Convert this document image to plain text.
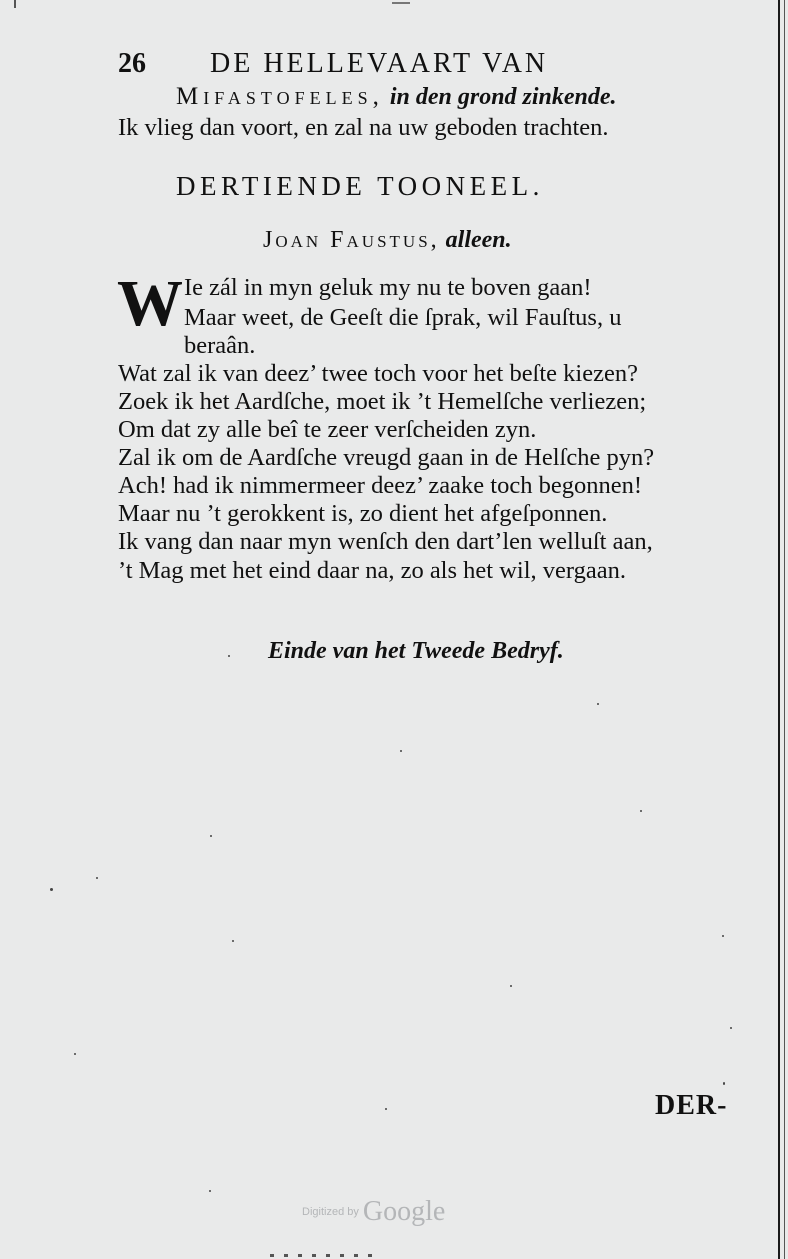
26 DE HELLEVAART VAN
Mifastofeles, in den grond zinkende.
Ik vlieg dan voort, en zal na uw geboden trachten.
DERTIENDE TOONEEL.
Joan Faustus, alleen.
W Ie zál in myn geluk my nu te boven gaan!
Maar weet, de Geeſt die ſprak, wil Fauſtus, u
beraân.
Wat zal ik van deez’ twee toch voor het beſte kiezen?
Zoek ik het Aardſche, moet ik ’t Hemelſche verliezen;
Om dat zy alle beî te zeer verſcheiden zyn.
Zal ik om de Aardſche vreugd gaan in de Helſche pyn?
Ach! had ik nimmermeer deez’ zaake toch begonnen!
Maar nu ’t gerokkent is, zo dient het afgeſponnen.
Ik vang dan naar myn wenſch den dart’len welluſt aan,
’t Mag met het eind daar na, zo als het wil, vergaan.
Einde van het Tweede Bedryf.
DER-
Digitized by Google
